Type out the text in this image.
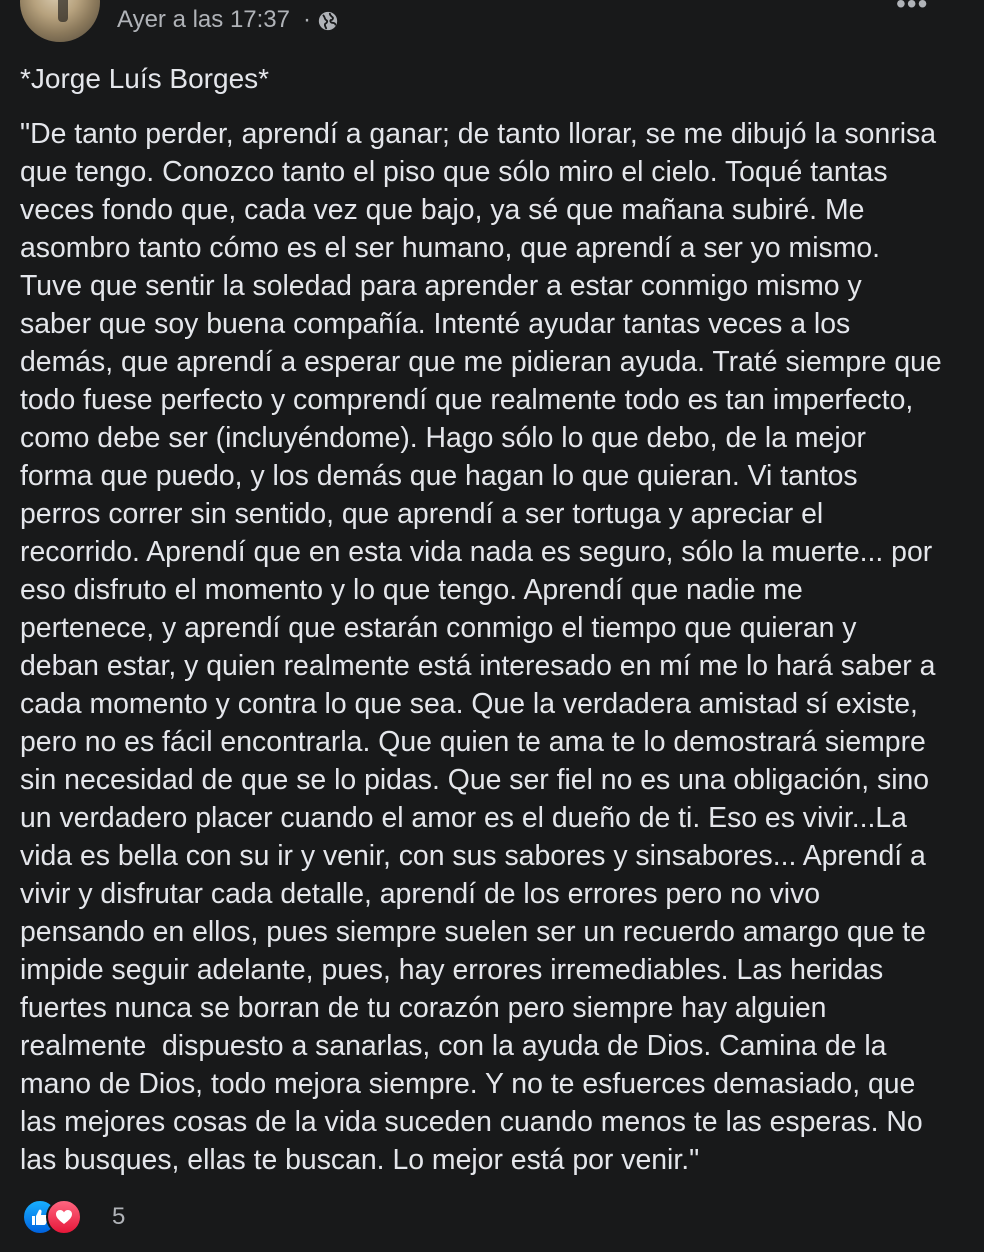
Ayer a las 17:37 ·
•••
*Jorge Luís Borges*
"De tanto perder, aprendí a ganar; de tanto llorar, se me dibujó la sonrisa
que tengo. Conozco tanto el piso que sólo miro el cielo. Toqué tantas
veces fondo que, cada vez que bajo, ya sé que mañana subiré. Me
asombro tanto cómo es el ser humano, que aprendí a ser yo mismo.
Tuve que sentir la soledad para aprender a estar conmigo mismo y
saber que soy buena compañía. Intenté ayudar tantas veces a los
demás, que aprendí a esperar que me pidieran ayuda. Traté siempre que
todo fuese perfecto y comprendí que realmente todo es tan imperfecto,
como debe ser (incluyéndome). Hago sólo lo que debo, de la mejor
forma que puedo, y los demás que hagan lo que quieran. Vi tantos
perros correr sin sentido, que aprendí a ser tortuga y apreciar el
recorrido. Aprendí que en esta vida nada es seguro, sólo la muerte... por
eso disfruto el momento y lo que tengo. Aprendí que nadie me
pertenece, y aprendí que estarán conmigo el tiempo que quieran y
deban estar, y quien realmente está interesado en mí me lo hará saber a
cada momento y contra lo que sea. Que la verdadera amistad sí existe,
pero no es fácil encontrarla. Que quien te ama te lo demostrará siempre
sin necesidad de que se lo pidas. Que ser fiel no es una obligación, sino
un verdadero placer cuando el amor es el dueño de ti. Eso es vivir...La
vida es bella con su ir y venir, con sus sabores y sinsabores... Aprendí a
vivir y disfrutar cada detalle, aprendí de los errores pero no vivo
pensando en ellos, pues siempre suelen ser un recuerdo amargo que te
impide seguir adelante, pues, hay errores irremediables. Las heridas
fuertes nunca se borran de tu corazón pero siempre hay alguien
realmente  dispuesto a sanarlas, con la ayuda de Dios. Camina de la
mano de Dios, todo mejora siempre. Y no te esfuerces demasiado, que
las mejores cosas de la vida suceden cuando menos te las esperas. No
las busques, ellas te buscan. Lo mejor está por venir."
5
